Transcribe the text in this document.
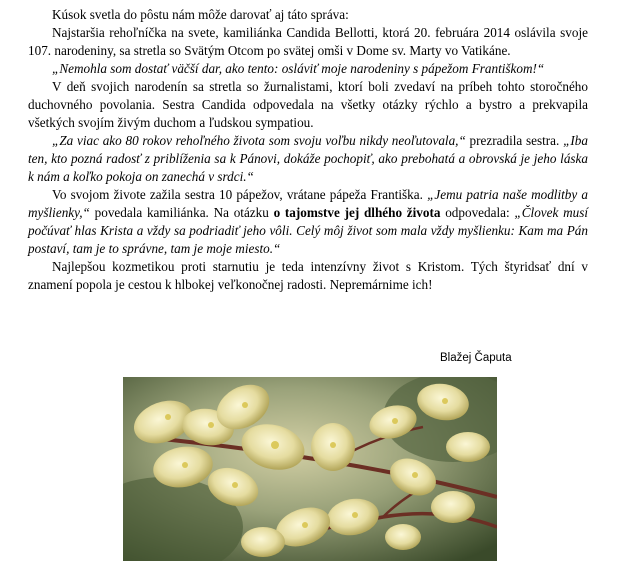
Kúsok svetla do pôstu nám môže darovať aj táto správa:

Najstaršia rehoľníčka na svete, kamiliánka Candida Bellotti, ktorá 20. februára 2014 oslávila svoje 107. narodeniny, sa stretla so Svätým Otcom po svätej omši v Dome sv. Marty vo Vatikáne.

„Nemohla som dostať väčší dar, ako tento: osláviť moje narodeniny s pápežom Františkom!“

V deň svojich narodenín sa stretla so žurnalistami, ktorí boli zvedaví na príbeh tohto storočného duchovného povolania. Sestra Candida odpovedala na všetky otázky rýchlo a bystro a prekvapila všetkých svojím živým duchom a ľudskou sympatiou.

„Za viac ako 80 rokov rehoľného života som svoju voľbu nikdy neoľutovala,“ prezradila sestra. „Iba ten, kto pozná radosť z priblíženia sa k Pánovi, dokáže pochopiť, ako prebohatá a obrovská je jeho láska k nám a koľko pokoja on zanechá v srdci.“

Vo svojom živote zažila sestra 10 pápežov, vrátane pápeža Františka. „Jemu patria naše modlitby a myšlienky,“ povedala kamiliánka. Na otázku o tajomstve jej dlhého života odpovedala: „Človek musí počúvať hlas Krista a vždy sa podriadiť jeho vôli. Celý môj život som mala vždy myšlienku: Kam ma Pán postaví, tam je to správne, tam je moje miesto.“

Najlepšou kozmetikou proti starnutiu je teda intenzívny život s Kristom. Tých štyridsať dní v znamení popola je cestou k hlbokej veľkonočnej radosti. Nepremárnime ich!

Blažej Čaputa
